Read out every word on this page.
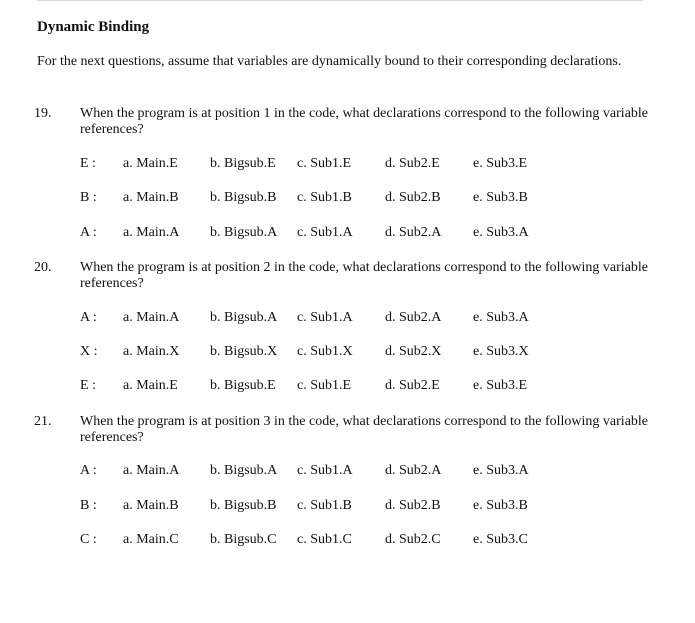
Dynamic Binding
For the next questions, assume that variables are dynamically bound to their corresponding declarations.
19. When the program is at position 1 in the code, what declarations correspond to the following variable references?
E : a. Main.E b. Bigsub.E c. Sub1.E d. Sub2.E e. Sub3.E
B : a. Main.B b. Bigsub.B c. Sub1.B d. Sub2.B e. Sub3.B
A : a. Main.A b. Bigsub.A c. Sub1.A d. Sub2.A e. Sub3.A
20. When the program is at position 2 in the code, what declarations correspond to the following variable references?
A : a. Main.A b. Bigsub.A c. Sub1.A d. Sub2.A e. Sub3.A
X : a. Main.X b. Bigsub.X c. Sub1.X d. Sub2.X e. Sub3.X
E : a. Main.E b. Bigsub.E c. Sub1.E d. Sub2.E e. Sub3.E
21. When the program is at position 3 in the code, what declarations correspond to the following variable references?
A : a. Main.A b. Bigsub.A c. Sub1.A d. Sub2.A e. Sub3.A
B : a. Main.B b. Bigsub.B c. Sub1.B d. Sub2.B e. Sub3.B
C : a. Main.C b. Bigsub.C c. Sub1.C d. Sub2.C e. Sub3.C
